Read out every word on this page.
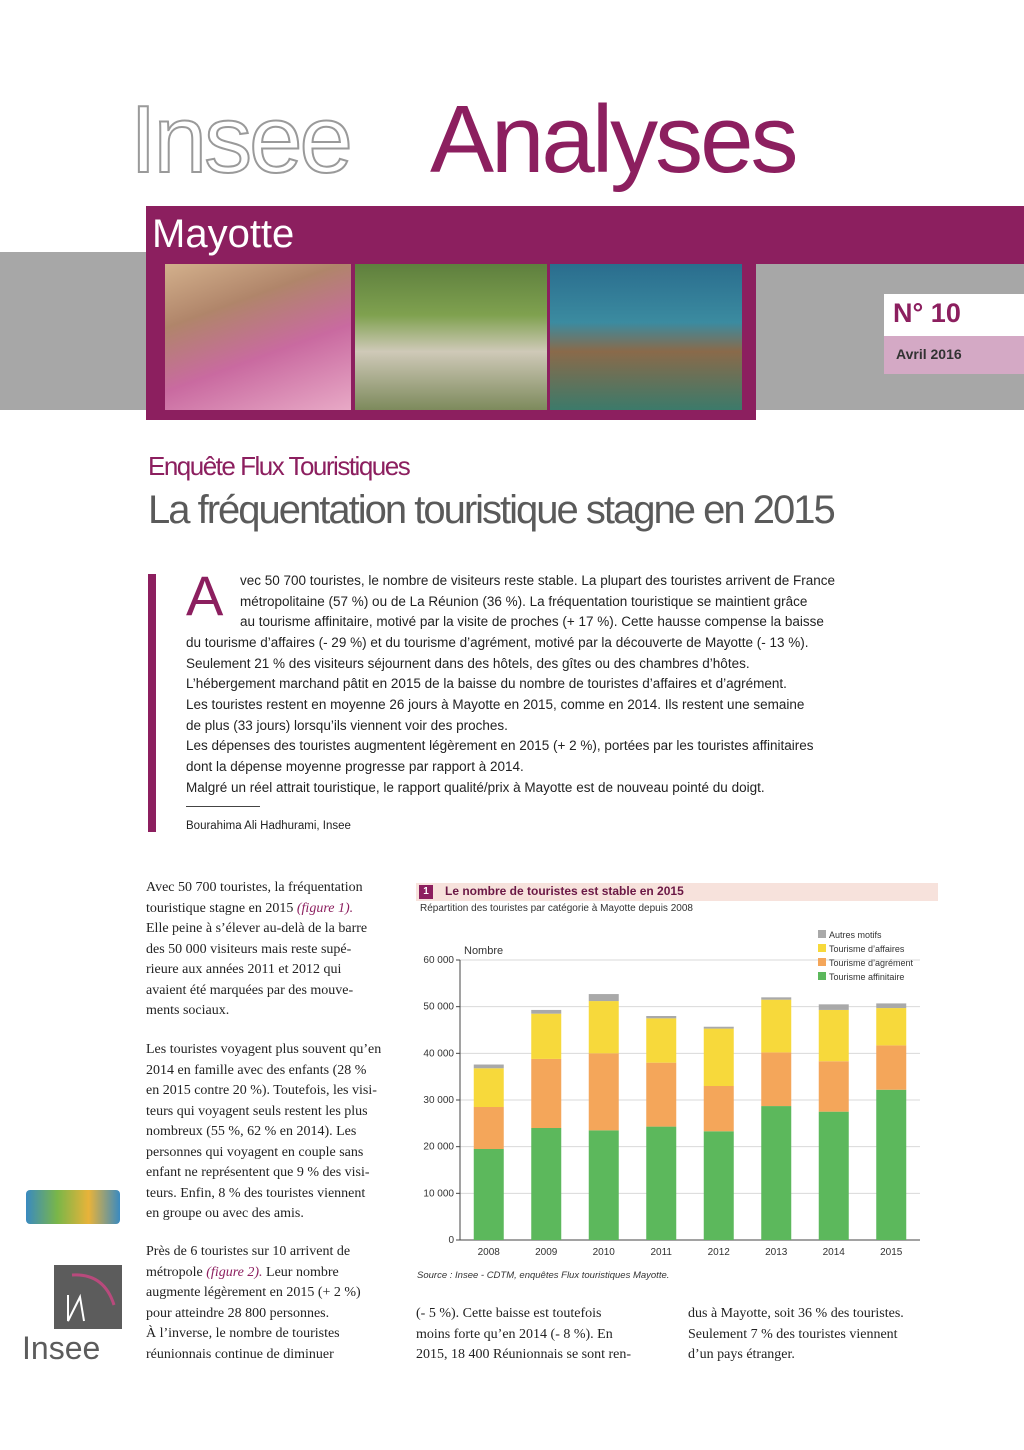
Insee Analyses
Mayotte
N° 10
Avril 2016
Enquête Flux Touristiques
La fréquentation touristique stagne en 2015
A vec 50 700 touristes, le nombre de visiteurs reste stable. La plupart des touristes arrivent de France
métropolitaine (57 %) ou de La Réunion (36 %). La fréquentation touristique se maintient grâce
au tourisme affinitaire, motivé par la visite de proches (+ 17 %). Cette hausse compense la baisse
du tourisme d’affaires (- 29 %) et du tourisme d’agrément, motivé par la découverte de Mayotte (- 13 %).
Seulement 21 % des visiteurs séjournent dans des hôtels, des gîtes ou des chambres d’hôtes.
L’hébergement marchand pâtit en 2015 de la baisse du nombre de touristes d’affaires et d’agrément.
Les touristes restent en moyenne 26 jours à Mayotte en 2015, comme en 2014. Ils restent une semaine
de plus (33 jours) lorsqu’ils viennent voir des proches.
Les dépenses des touristes augmentent légèrement en 2015 (+ 2 %), portées par les touristes affinitaires
dont la dépense moyenne progresse par rapport à 2014.
Malgré un réel attrait touristique, le rapport qualité/prix à Mayotte est de nouveau pointé du doigt.
Bourahima Ali Hadhurami, Insee
Avec 50 700 touristes, la fréquentation
touristique stagne en 2015 (figure 1).
Elle peine à s’élever au-delà de la barre
des 50 000 visiteurs mais reste supé-
rieure aux années 2011 et 2012 qui
avaient été marquées par des mouve-
ments sociaux.
Les touristes voyagent plus souvent qu’en
2014 en famille avec des enfants (28 %
en 2015 contre 20 %). Toutefois, les visi-
teurs qui voyagent seuls restent les plus
nombreux (55 %, 62 % en 2014). Les
personnes qui voyagent en couple sans
enfant ne représentent que 9 % des visi-
teurs. Enfin, 8 % des touristes viennent
en groupe ou avec des amis.
Près de 6 touristes sur 10 arrivent de
métropole (figure 2). Leur nombre
augmente légèrement en 2015 (+ 2 %)
pour atteindre 28 800 personnes.
À l’inverse, le nombre de touristes
réunionnais continue de diminuer
(- 5 %). Cette baisse est toutefois
moins forte qu’en 2014 (- 8 %). En
2015, 18 400 Réunionnais se sont ren-
dus à Mayotte, soit 36 % des touristes.
Seulement 7 % des touristes viennent
d’un pays étranger.
1	Le nombre de touristes est stable en 2015
Répartition des touristes par catégorie à Mayotte depuis 2008
0
10 000
20 000
30 000
40 000
50 000
60 000
Nombre
2008	2009	2010	2011	2012	2013	2014	2015
Autres motifs
Tourisme d’affaires
Tourisme d’agrément
Tourisme affinitaire
Source : Insee - CDTM, enquêtes Flux touristiques Mayotte.
Insee
